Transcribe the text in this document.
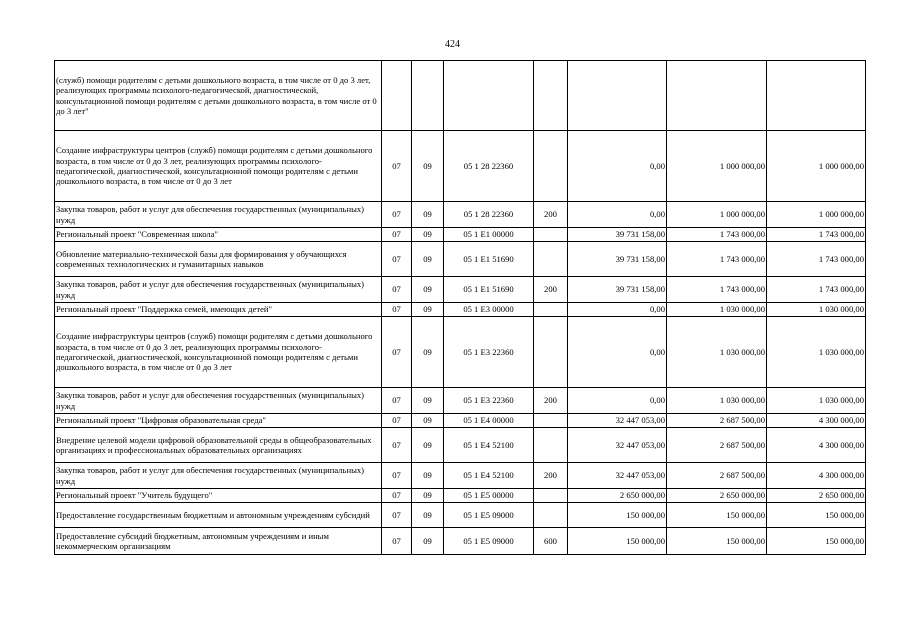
424
(служб) помощи родителям с детьми дошкольного возраста, в том числе от 0 до 3 лет, реализующих программы психолого-педагогической, диагностической, консультационной помощи родителям с детьми дошкольного возраста, в том числе от 0 до 3 лет"							
Создание инфраструктуры центров (служб) помощи родителям с детьми дошкольного возраста, в том числе от 0 до 3 лет, реализующих программы психолого-педагогической, диагностической, консультационной помощи родителям с детьми дошкольного возраста, в том числе от 0 до 3 лет	07	09	05 1 28 22360		0,00	1 000 000,00	1 000 000,00
Закупка товаров, работ и услуг для обеспечения государственных (муниципальных) нужд	07	09	05 1 28 22360	200	0,00	1 000 000,00	1 000 000,00
Региональный проект "Современная школа"	07	09	05 1 E1 00000		39 731 158,00	1 743 000,00	1 743 000,00
Обновление материально-технической базы для формирования у обучающихся современных технологических и гуманитарных навыков	07	09	05 1 E1 51690		39 731 158,00	1 743 000,00	1 743 000,00
Закупка товаров, работ и услуг для обеспечения государственных (муниципальных) нужд	07	09	05 1 E1 51690	200	39 731 158,00	1 743 000,00	1 743 000,00
Региональный проект "Поддержка семей, имеющих детей"	07	09	05 1 E3 00000		0,00	1 030 000,00	1 030 000,00
Создание инфраструктуры центров (служб) помощи родителям с детьми дошкольного возраста, в том числе от 0 до 3 лет, реализующих программы психолого-педагогической, диагностической, консультационной помощи родителям с детьми дошкольного возраста, в том числе от 0 до 3 лет	07	09	05 1 E3 22360		0,00	1 030 000,00	1 030 000,00
Закупка товаров, работ и услуг для обеспечения государственных (муниципальных) нужд	07	09	05 1 E3 22360	200	0,00	1 030 000,00	1 030 000,00
Региональный проект "Цифровая образовательная среда"	07	09	05 1 E4 00000		32 447 053,00	2 687 500,00	4 300 000,00
Внедрение целевой модели цифровой образовательной среды в общеобразовательных организациях и профессиональных образовательных организациях	07	09	05 1 E4 52100		32 447 053,00	2 687 500,00	4 300 000,00
Закупка товаров, работ и услуг для обеспечения государственных (муниципальных) нужд	07	09	05 1 E4 52100	200	32 447 053,00	2 687 500,00	4 300 000,00
Региональный проект "Учитель будущего"	07	09	05 1 E5 00000		2 650 000,00	2 650 000,00	2 650 000,00
Предоставление государственным бюджетным и автономным учреждениям субсидий	07	09	05 1 E5 09000		150 000,00	150 000,00	150 000,00
Предоставление субсидий бюджетным, автономным учреждениям и иным некоммерческим организациям	07	09	05 1 E5 09000	600	150 000,00	150 000,00	150 000,00
